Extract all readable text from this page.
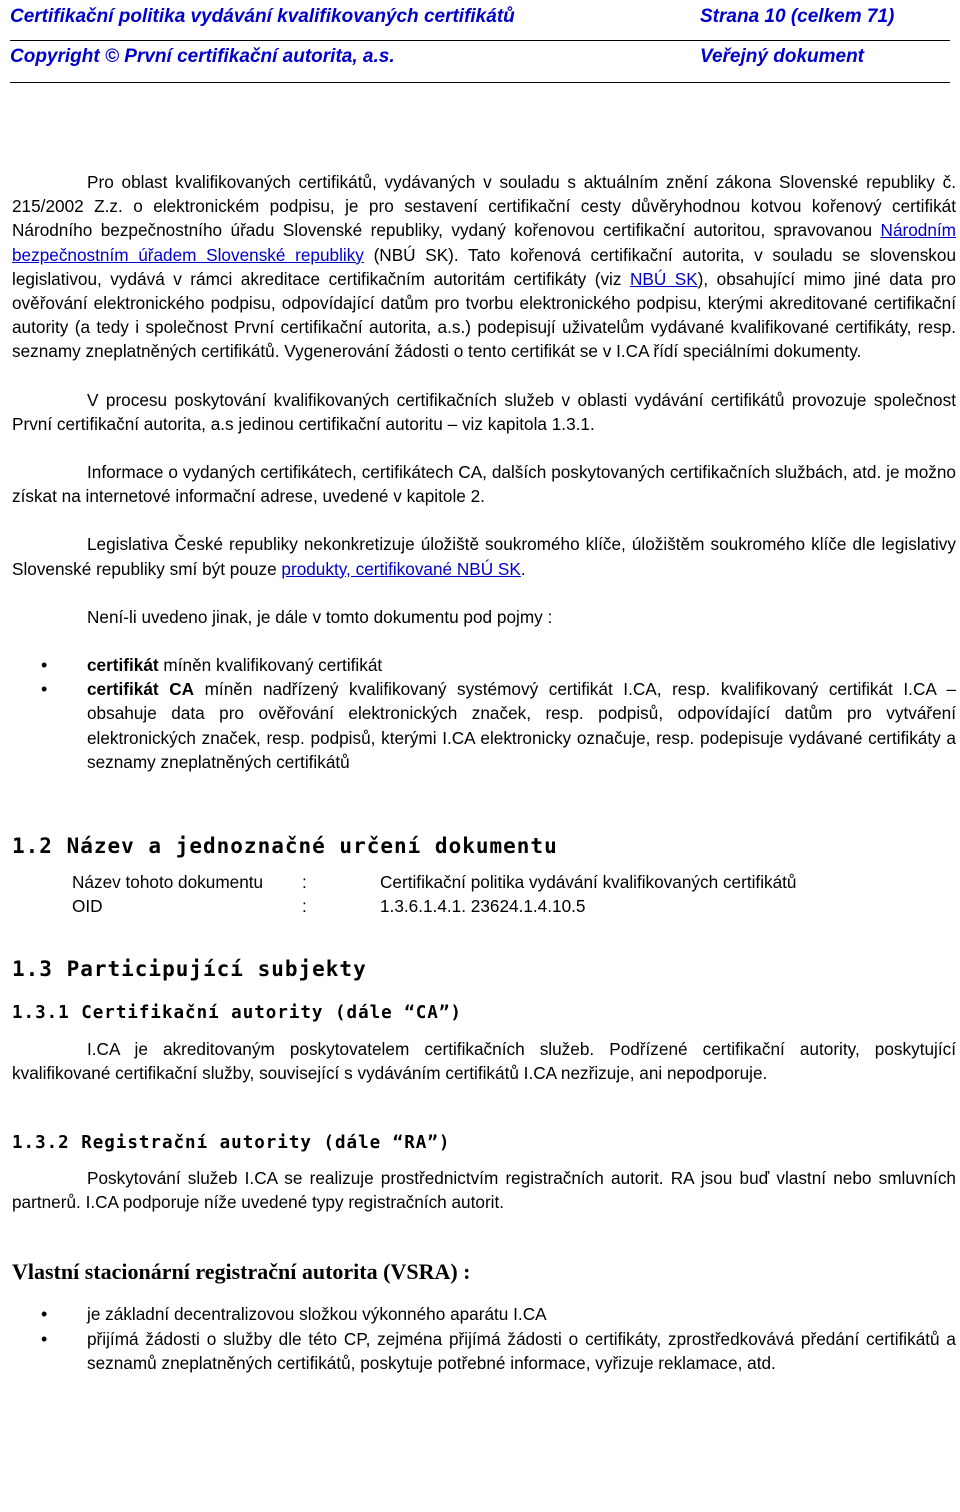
Certifikační politika vydávání kvalifikovaných certifikátů	Strana 10 (celkem 71)
Copyright © První certifikační autorita, a.s.	Veřejný dokument

Pro oblast kvalifikovaných certifikátů, vydávaných v souladu s aktuálním znění zákona Slovenské republiky č. 215/2002 Z.z. o elektronickém podpisu, je pro sestavení certifikační cesty důvěryhodnou kotvou kořenový certifikát Národního bezpečnostního úřadu Slovenské republiky, vydaný kořenovou certifikační autoritou, spravovanou Národním bezpečnostním úřadem Slovenské republiky (NBÚ SK). Tato kořenová certifikační autorita, v souladu se slovenskou legislativou, vydává v rámci akreditace certifikačním autoritám certifikáty (viz NBÚ SK), obsahující mimo jiné data pro ověřování elektronického podpisu, odpovídající datům pro tvorbu elektronického podpisu, kterými akreditované certifikační autority (a tedy i společnost První certifikační autorita, a.s.) podepisují uživatelům vydávané kvalifikované certifikáty, resp. seznamy zneplatněných certifikátů. Vygenerování žádosti o tento certifikát se v I.CA řídí speciálními dokumenty.

V procesu poskytování kvalifikovaných certifikačních služeb v oblasti vydávání certifikátů provozuje společnost První certifikační autorita, a.s jedinou certifikační autoritu – viz kapitola 1.3.1.

Informace o vydaných certifikátech, certifikátech CA, dalších poskytovaných certifikačních službách, atd. je možno získat na internetové informační adrese, uvedené v kapitole 2.

Legislativa České republiky nekonkretizuje úložiště soukromého klíče, úložištěm soukromého klíče dle legislativy Slovenské republiky smí být pouze produkty, certifikované NBÚ SK.

Není-li uvedeno jinak, je dále v tomto dokumentu pod pojmy :

• certifikát míněn kvalifikovaný certifikát
• certifikát CA míněn nadřízený kvalifikovaný systémový certifikát I.CA, resp. kvalifikovaný certifikát I.CA – obsahuje data pro ověřování elektronických značek, resp. podpisů, odpovídající datům pro vytváření elektronických značek, resp. podpisů, kterými I.CA elektronicky označuje, resp. podepisuje vydávané certifikáty a seznamy zneplatněných certifikátů

1.2 Název a jednoznačné určení dokumentu

Název tohoto dokumentu	:	Certifikační politika vydávání kvalifikovaných certifikátů
OID	:	1.3.6.1.4.1. 23624.1.4.10.5

1.3 Participující subjekty

1.3.1 Certifikační autority (dále “CA”)

I.CA je akreditovaným poskytovatelem certifikačních služeb. Podřízené certifikační autority, poskytující kvalifikované certifikační služby, související s vydáváním certifikátů I.CA nezřizuje, ani nepodporuje.

1.3.2 Registrační autority (dále “RA”)

Poskytování služeb I.CA se realizuje prostřednictvím registračních autorit. RA jsou buď vlastní nebo smluvních partnerů. I.CA podporuje níže uvedené typy registračních autorit.

Vlastní stacionární registrační autorita (VSRA) :

• je základní decentralizovou složkou výkonného aparátu I.CA
• přijímá žádosti o služby dle této CP, zejména přijímá žádosti o certifikáty, zprostředkovává předání certifikátů a seznamů zneplatněných certifikátů, poskytuje potřebné informace, vyřizuje reklamace, atd.
